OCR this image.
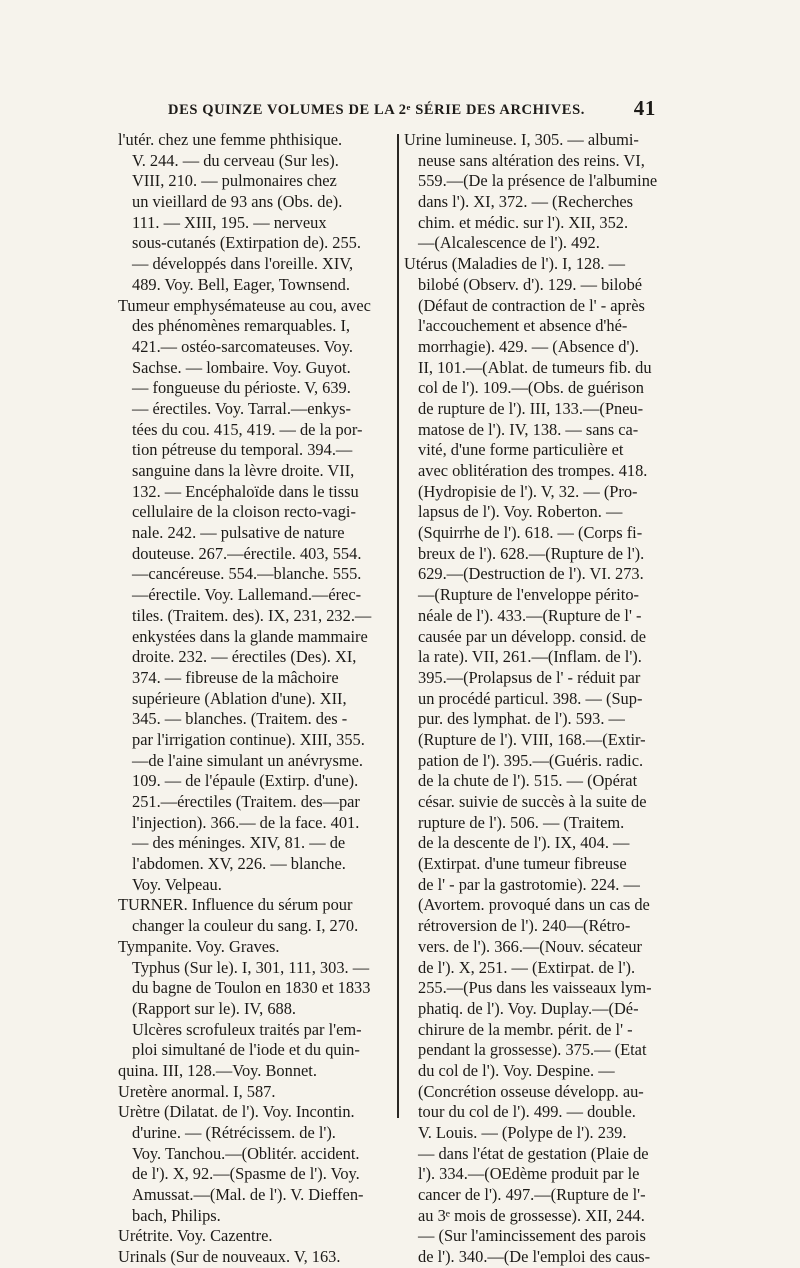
DES QUINZE VOLUMES DE LA 2ᵉ SÉRIE DES ARCHIVES. 41
l'utér. chez une femme phthisique.
V. 244. — du cerveau (Sur les).
VIII, 210. — pulmonaires chez
un vieillard de 93 ans (Obs. de).
111. — XIII, 195. — nerveux
sous-cutanés (Extirpation de). 255.
— développés dans l'oreille. XIV,
489. Voy. Bell, Eager, Townsend.
Tumeur emphysémateuse au cou, avec
des phénomènes remarquables. I,
421.— ostéo-sarcomateuses. Voy.
Sachse. — lombaire. Voy. Guyot.
— fongueuse du périoste. V, 639.
— érectiles. Voy. Tarral.—enkys-
tées du cou. 415, 419. — de la por-
tion pétreuse du temporal. 394.—
sanguine dans la lèvre droite. VII,
132. — Encéphaloïde dans le tissu
cellulaire de la cloison recto-vagi-
nale. 242. — pulsative de nature
douteuse. 267.—érectile. 403, 554.
—cancéreuse. 554.—blanche. 555.
—érectile. Voy. Lallemand.—érec-
tiles. (Traitem. des). IX, 231, 232.—
enkystées dans la glande mammaire
droite. 232. — érectiles (Des). XI,
374. — fibreuse de la mâchoire
supérieure (Ablation d'une). XII,
345. — blanches. (Traitem. des -
par l'irrigation continue). XIII, 355.
—de l'aine simulant un anévrysme.
109. — de l'épaule (Extirp. d'une).
251.—érectiles (Traitem. des—par
l'injection). 366.— de la face. 401.
— des méninges. XIV, 81. — de
l'abdomen. XV, 226. — blanche.
Voy. Velpeau.
TURNER. Influence du sérum pour
changer la couleur du sang. I, 270.
Tympanite. Voy. Graves.
Typhus (Sur le). I, 301, 111, 303. —
du bagne de Toulon en 1830 et 1833
(Rapport sur le). IV, 688.
Ulcères scrofuleux traités par l'em-
ploi simultané de l'iode et du quin-
quina. III, 128.—Voy. Bonnet.
Uretère anormal. I, 587.
Urètre (Dilatat. de l'). Voy. Incontin.
d'urine. — (Rétrécissem. de l').
Voy. Tanchou.—(Oblitér. accident.
de l'). X, 92.—(Spasme de l'). Voy.
Amussat.—(Mal. de l'). V. Dieffen-
bach, Philips.
Urétrite. Voy. Cazentre.
Urinals (Sur de nouveaux. V, 163.
Urine lumineuse. I, 305. — albumi-
neuse sans altération des reins. VI,
559.—(De la présence de l'albumine
dans l'). XI, 372. — (Recherches
chim. et médic. sur l'). XII, 352.
—(Alcalescence de l'). 492.
Utérus (Maladies de l'). I, 128. —
bilobé (Observ. d'). 129. — bilobé
(Défaut de contraction de l' - après
l'accouchement et absence d'hé-
morrhagie). 429. — (Absence d').
II, 101.—(Ablat. de tumeurs fib. du
col de l'). 109.—(Obs. de guérison
de rupture de l'). III, 133.—(Pneu-
matose de l'). IV, 138. — sans ca-
vité, d'une forme particulière et
avec oblitération des trompes. 418.
(Hydropisie de l'). V, 32. — (Pro-
lapsus de l'). Voy. Roberton. —
(Squirrhe de l'). 618. — (Corps fi-
breux de l'). 628.—(Rupture de l').
629.—(Destruction de l'). VI. 273.
—(Rupture de l'enveloppe périto-
néale de l'). 433.—(Rupture de l' -
causée par un développ. consid. de
la rate). VII, 261.—(Inflam. de l').
395.—(Prolapsus de l' - réduit par
un procédé particul. 398. — (Sup-
pur. des lymphat. de l'). 593. —
(Rupture de l'). VIII, 168.—(Extir-
pation de l'). 395.—(Guéris. radic.
de la chute de l'). 515. — (Opérat
césar. suivie de succès à la suite de
rupture de l'). 506. — (Traitem.
de la descente de l'). IX, 404. —
(Extirpat. d'une tumeur fibreuse
de l' - par la gastrotomie). 224. —
(Avortem. provoqué dans un cas de
rétroversion de l'). 240—(Rétro-
vers. de l'). 366.—(Nouv. sécateur
de l'). X, 251. — (Extirpat. de l').
255.—(Pus dans les vaisseaux lym-
phatiq. de l'). Voy. Duplay.—(Dé-
chirure de la membr. périt. de l' -
pendant la grossesse). 375.— (Etat
du col de l'). Voy. Despine. —
(Concrétion osseuse développ. au-
tour du col de l'). 499. — double.
V. Louis. — (Polype de l'). 239.
— dans l'état de gestation (Plaie de
l'). 334.—(OEdème produit par le
cancer de l'). 497.—(Rupture de l'-
au 3ᵉ mois de grossesse). XII, 244.
— (Sur l'amincissement des parois
de l'). 340.—(De l'emploi des caus-
